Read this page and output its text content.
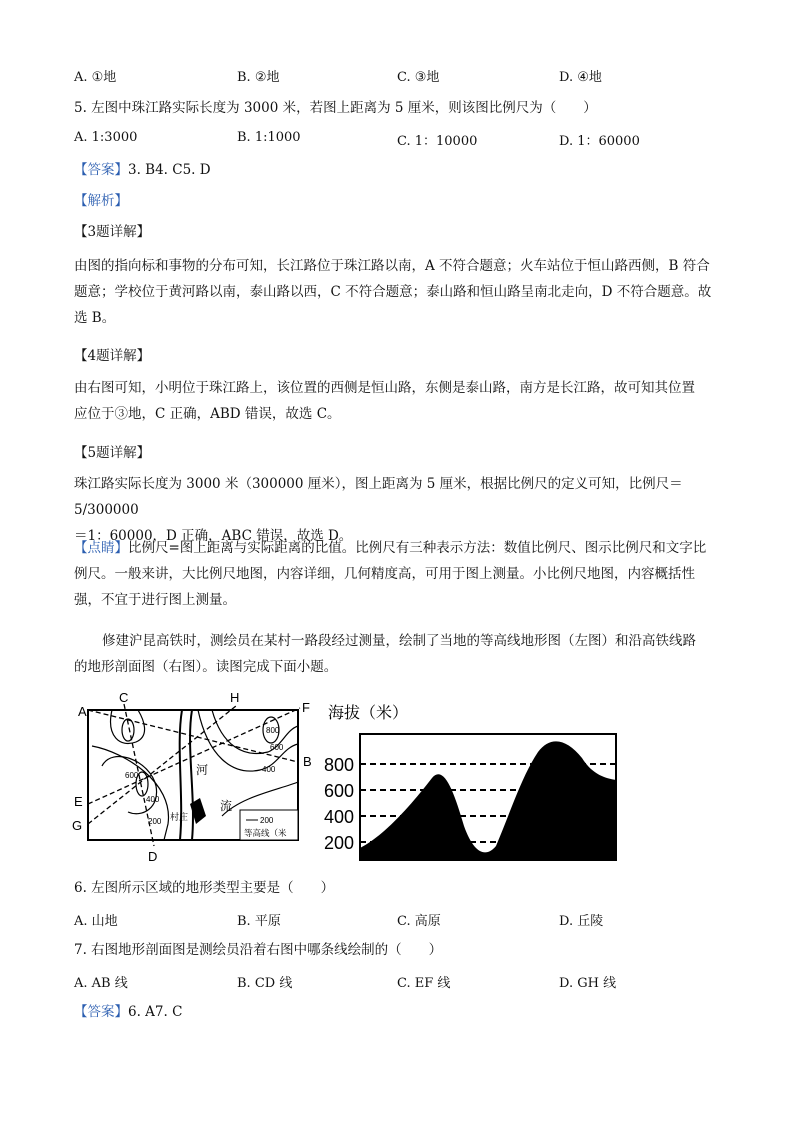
A. ①地	B. ②地	C. ③地	D. ④地
5. 左图中珠江路实际长度为 3000 米，若图上距离为 5 厘米，则该图比例尺为（　　）
A. 1:3000	B. 1:1000	C. 1：10000	D. 1：60000
【答案】3. B4. C5. D
【解析】
【3题详解】
由图的指向标和事物的分布可知，长江路位于珠江路以南，A 不符合题意；火车站位于恒山路西侧，B 符合
题意；学校位于黄河路以南，泰山路以西，C 不符合题意；泰山路和恒山路呈南北走向，D 不符合题意。故
选 B。
【4题详解】
由右图可知，小明位于珠江路上，该位置的西侧是恒山路，东侧是泰山路，南方是长江路，故可知其位置
应位于③地，C 正确，ABD 错误，故选 C。
【5题详解】
珠江路实际长度为 3000 米（300000 厘米），图上距离为 5 厘米，根据比例尺的定义可知，比例尺＝5/300000
＝1：60000，D 正确，ABC 错误，故选 D。
【点睛】比例尺=图上距离与实际距离的比值。比例尺有三种表示方法：数值比例尺、图示比例尺和文字比
例尺。一般来讲，大比例尺地图，内容详细，几何精度高，可用于图上测量。小比例尺地图，内容概括性
强，不宜于进行图上测量。
修建沪昆高铁时，测绘员在某村一路段经过测量，绘制了当地的等高线地形图（左图）和沿高铁线路
的地形剖面图（右图）。读图完成下面小题。
200
等高线（米
A
C	H
F
B
E
G
D
800
600
400
600
400
200
河
流
村庄
海拔（米）
800
600
400
200
6. 左图所示区域的地形类型主要是（　　）
A. 山地	B. 平原	C. 高原	D. 丘陵
7. 右图地形剖面图是测绘员沿着右图中哪条线绘制的（　　）
A. AB 线	B. CD 线	C. EF 线	D. GH 线
【答案】6. A7. C
